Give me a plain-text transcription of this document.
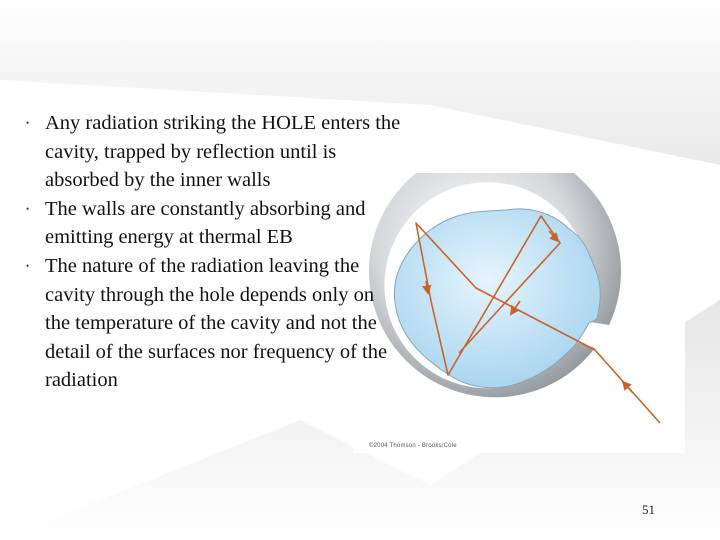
©2004 Thomson - Brooks/Cole
• Any radiation striking the HOLE enters the cavity, trapped by reflection until is absorbed by the inner walls
• The walls are constantly absorbing and emitting energy at thermal EB
• The nature of the radiation leaving the cavity through the hole depends only on the temperature of the cavity and not the detail of the surfaces nor frequency of the radiation
51
